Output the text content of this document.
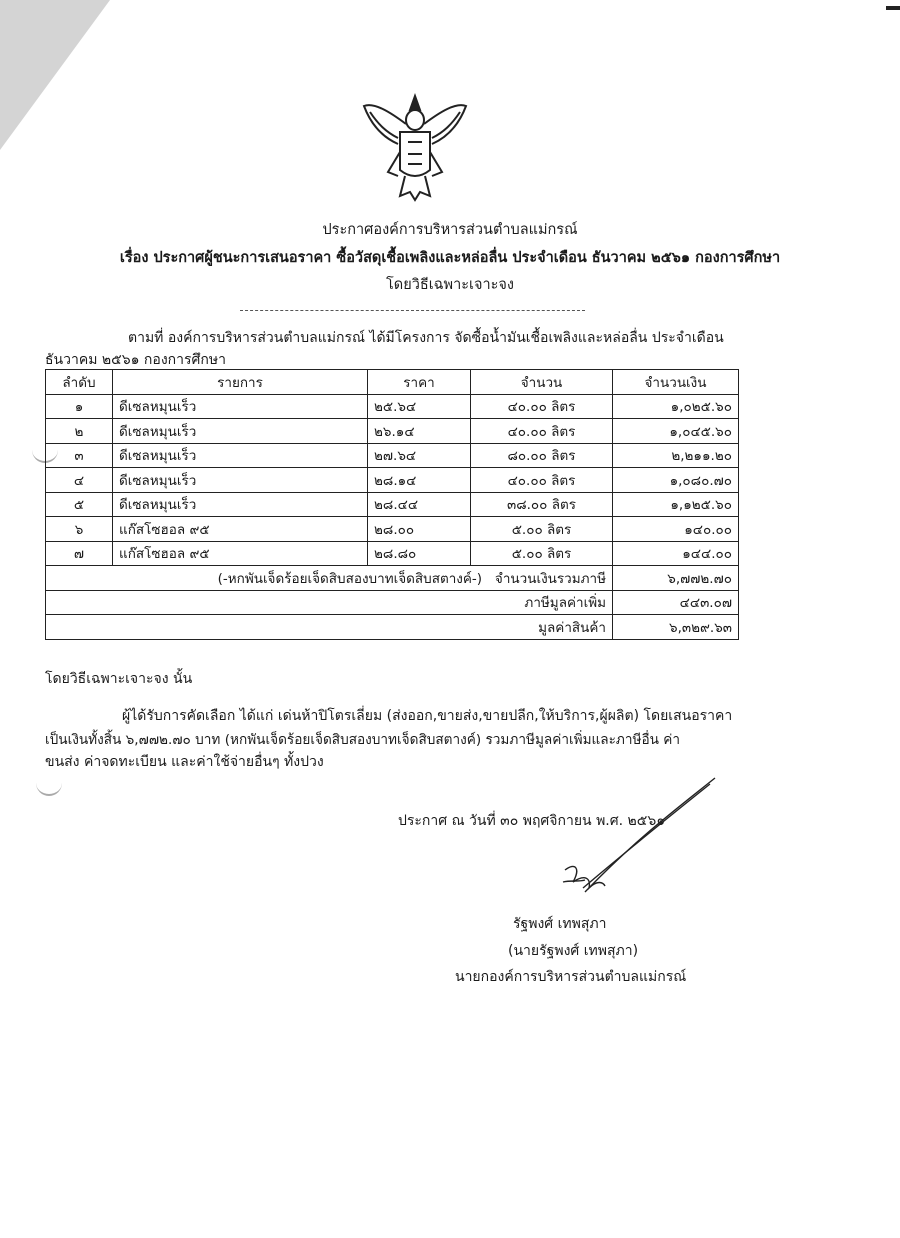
ประกาศองค์การบริหารส่วนตำบลแม่กรณ์
เรื่อง ประกาศผู้ชนะการเสนอราคา ซื้อวัสดุเชื้อเพลิงและหล่อลื่น ประจำเดือน ธันวาคม ๒๕๖๑ กองการศึกษา
โดยวิธีเฉพาะเจาะจง
ตามที่ องค์การบริหารส่วนตำบลแม่กรณ์ ได้มีโครงการ จัดซื้อน้ำมันเชื้อเพลิงและหล่อลื่น ประจำเดือน
ธันวาคม ๒๕๖๑ กองการศึกษา
ลำดับ	รายการ	ราคา	จำนวน	จำนวนเงิน
๑	ดีเซลหมุนเร็ว	๒๕.๖๔	๔๐.๐๐ ลิตร	๑,๐๒๕.๖๐
๒	ดีเซลหมุนเร็ว	๒๖.๑๔	๔๐.๐๐ ลิตร	๑,๐๔๕.๖๐
๓	ดีเซลหมุนเร็ว	๒๗.๖๔	๘๐.๐๐ ลิตร	๒,๒๑๑.๒๐
๔	ดีเซลหมุนเร็ว	๒๘.๑๔	๔๐.๐๐ ลิตร	๑,๐๘๐.๗๐
๕	ดีเซลหมุนเร็ว	๒๘.๔๔	๓๘.๐๐ ลิตร	๑,๑๒๕.๖๐
๖	แก๊สโซฮอล ๙๕	๒๘.๐๐	๕.๐๐ ลิตร	๑๔๐.๐๐
๗	แก๊สโซฮอล ๙๕	๒๘.๘๐	๕.๐๐ ลิตร	๑๔๔.๐๐
(-หกพันเจ็ดร้อยเจ็ดสิบสองบาทเจ็ดสิบสตางค์-) จำนวนเงินรวมภาษี				๖,๗๗๒.๗๐
ภาษีมูลค่าเพิ่ม				๔๔๓.๐๗
มูลค่าสินค้า				๖,๓๒๙.๖๓
โดยวิธีเฉพาะเจาะจง นั้น
ผู้ได้รับการคัดเลือก ได้แก่ เด่นห้าปิโตรเลี่ยม (ส่งออก,ขายส่ง,ขายปลีก,ให้บริการ,ผู้ผลิต) โดยเสนอราคา
เป็นเงินทั้งสิ้น ๖,๗๗๒.๗๐ บาท (หกพันเจ็ดร้อยเจ็ดสิบสองบาทเจ็ดสิบสตางค์) รวมภาษีมูลค่าเพิ่มและภาษีอื่น ค่า
ขนส่ง ค่าจดทะเบียน และค่าใช้จ่ายอื่นๆ ทั้งปวง
ประกาศ ณ วันที่ ๓๐ พฤศจิกายน พ.ศ. ๒๕๖๑
รัฐพงศ์ เทพสุภา
(นายรัฐพงศ์ เทพสุภา)
นายกองค์การบริหารส่วนตำบลแม่กรณ์
